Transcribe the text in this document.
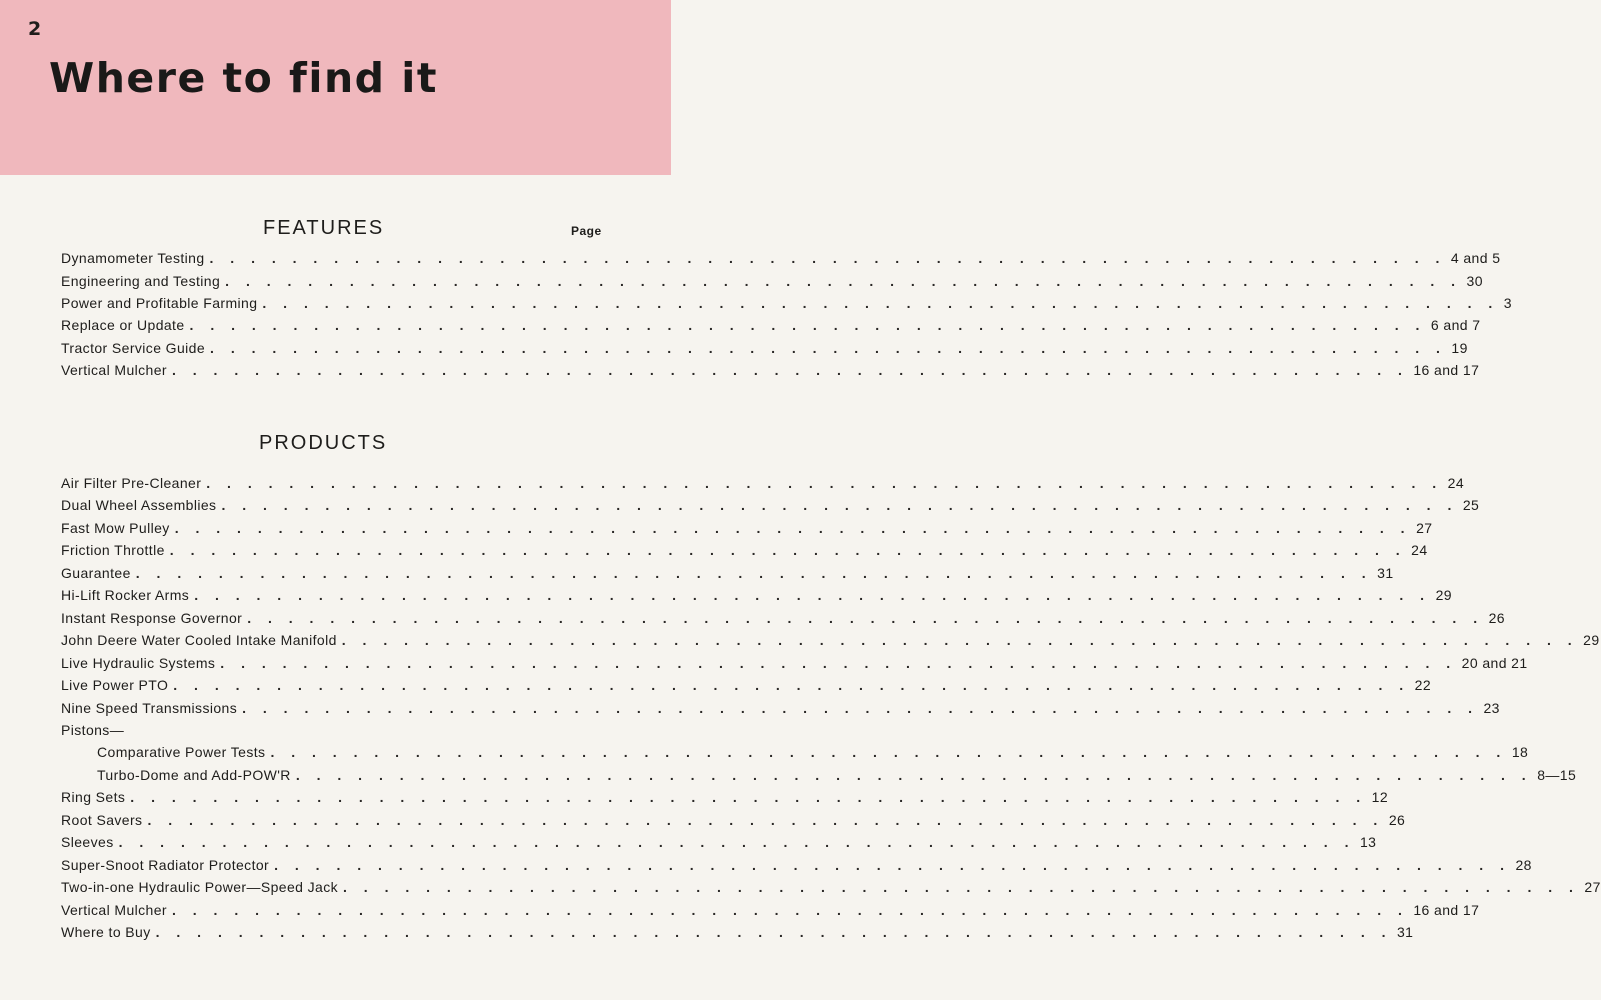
2
Where to find it
FEATURES	Page
Dynamometer Testing . . . . . . . . . . . . . . . . . . . . . . . . . . . . . . . . . . . . . . . . . . . . . . . . . . . . . . . . . . . . 4 and 5
Engineering and Testing . . . . . . . . . . . . . . . . . . . . . . . . . . . . . . . . . . . . . . . . . . . . . . . . . . . . . . . . . . . . 30
Power and Profitable Farming . . . . . . . . . . . . . . . . . . . . . . . . . . . . . . . . . . . . . . . . . . . . . . . . . . . . . . . . . . . . 3
Replace or Update . . . . . . . . . . . . . . . . . . . . . . . . . . . . . . . . . . . . . . . . . . . . . . . . . . . . . . . . . . . . 6 and 7
Tractor Service Guide . . . . . . . . . . . . . . . . . . . . . . . . . . . . . . . . . . . . . . . . . . . . . . . . . . . . . . . . . . . . 19
Vertical Mulcher . . . . . . . . . . . . . . . . . . . . . . . . . . . . . . . . . . . . . . . . . . . . . . . . . . . . . . . . . . . . 16 and 17
PRODUCTS
Air Filter Pre-Cleaner . . . . . . . . . . . . . . . . . . . . . . . . . . . . . . . . . . . . . . . . . . . . . . . . . . . . . . . . . . . . 24
Dual Wheel Assemblies . . . . . . . . . . . . . . . . . . . . . . . . . . . . . . . . . . . . . . . . . . . . . . . . . . . . . . . . . . . . 25
Fast Mow Pulley . . . . . . . . . . . . . . . . . . . . . . . . . . . . . . . . . . . . . . . . . . . . . . . . . . . . . . . . . . . . 27
Friction Throttle . . . . . . . . . . . . . . . . . . . . . . . . . . . . . . . . . . . . . . . . . . . . . . . . . . . . . . . . . . . . 24
Guarantee . . . . . . . . . . . . . . . . . . . . . . . . . . . . . . . . . . . . . . . . . . . . . . . . . . . . . . . . . . . . 31
Hi-Lift Rocker Arms . . . . . . . . . . . . . . . . . . . . . . . . . . . . . . . . . . . . . . . . . . . . . . . . . . . . . . . . . . . . 29
Instant Response Governor . . . . . . . . . . . . . . . . . . . . . . . . . . . . . . . . . . . . . . . . . . . . . . . . . . . . . . . . . . . . 26
John Deere Water Cooled Intake Manifold . . . . . . . . . . . . . . . . . . . . . . . . . . . . . . . . . . . . . . . . . . . . . . . . . . . . . . . . . . . . 29
Live Hydraulic Systems . . . . . . . . . . . . . . . . . . . . . . . . . . . . . . . . . . . . . . . . . . . . . . . . . . . . . . . . . . . . 20 and 21
Live Power PTO . . . . . . . . . . . . . . . . . . . . . . . . . . . . . . . . . . . . . . . . . . . . . . . . . . . . . . . . . . . . 22
Nine Speed Transmissions . . . . . . . . . . . . . . . . . . . . . . . . . . . . . . . . . . . . . . . . . . . . . . . . . . . . . . . . . . . . 23
Pistons—
Comparative Power Tests . . . . . . . . . . . . . . . . . . . . . . . . . . . . . . . . . . . . . . . . . . . . . . . . . . . . . . . . . . . . 18
Turbo-Dome and Add-POW'R . . . . . . . . . . . . . . . . . . . . . . . . . . . . . . . . . . . . . . . . . . . . . . . . . . . . . . . . . . . . 8—15
Ring Sets . . . . . . . . . . . . . . . . . . . . . . . . . . . . . . . . . . . . . . . . . . . . . . . . . . . . . . . . . . . . 12
Root Savers . . . . . . . . . . . . . . . . . . . . . . . . . . . . . . . . . . . . . . . . . . . . . . . . . . . . . . . . . . . . 26
Sleeves . . . . . . . . . . . . . . . . . . . . . . . . . . . . . . . . . . . . . . . . . . . . . . . . . . . . . . . . . . . . 13
Super-Snoot Radiator Protector . . . . . . . . . . . . . . . . . . . . . . . . . . . . . . . . . . . . . . . . . . . . . . . . . . . . . . . . . . . . 28
Two-in-one Hydraulic Power—Speed Jack . . . . . . . . . . . . . . . . . . . . . . . . . . . . . . . . . . . . . . . . . . . . . . . . . . . . . . . . . . . . 27
Vertical Mulcher . . . . . . . . . . . . . . . . . . . . . . . . . . . . . . . . . . . . . . . . . . . . . . . . . . . . . . . . . . . . 16 and 17
Where to Buy . . . . . . . . . . . . . . . . . . . . . . . . . . . . . . . . . . . . . . . . . . . . . . . . . . . . . . . . . . . . 31
